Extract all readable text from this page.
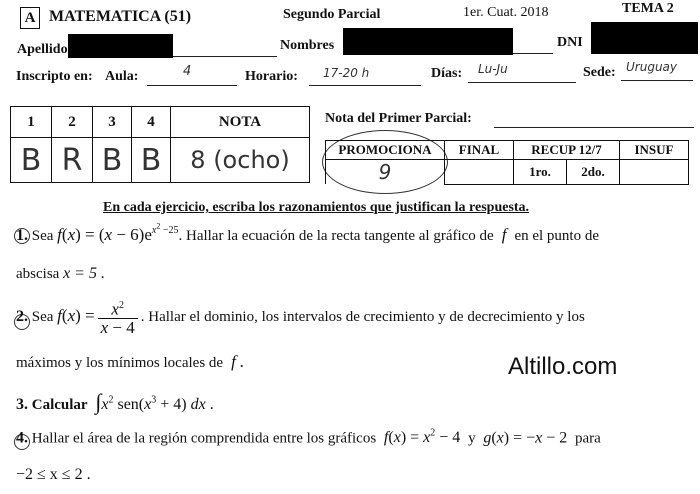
A MATEMATICA (51)	Segundo Parcial	1er. Cuat. 2018	TEMA 2
Apellido	Nombres	DNI
Inscripto en: Aula:	4	Horario: 17-20 h	Días: Lu-Ju	Sede: Uruguay
1	2	3	4	NOTA
B	R	B	B	8 (ocho)
Nota del Primer Parcial:
PROMOCIONA	FINAL	RECUP 12/7		INSUF
9		1ro.	2do.	
En cada ejercicio, escriba los razonamientos que justifican la respuesta.
1. Sea $f(x) = (x - 6)e^{x^2 -25}$. Hallar la ecuación de la recta tangente al gráfico de  f  en el punto de
abscisa x = 5 .
2. Sea $f(x) = \frac{x^2}{x - 4}$ . Hallar el dominio, los intervalos de crecimiento y de decrecimiento y los
máximos y los mínimos locales de  f .	Altillo.com
3. Calcular $\int x^2$ $sen(x^3 + 4)$ dx .
4. Hallar el área de la región comprendida entre los gráficos $f(x) = x^2 - 4$  y g(x) = −x − 2  para
−2 ≤ x ≤ 2 .
